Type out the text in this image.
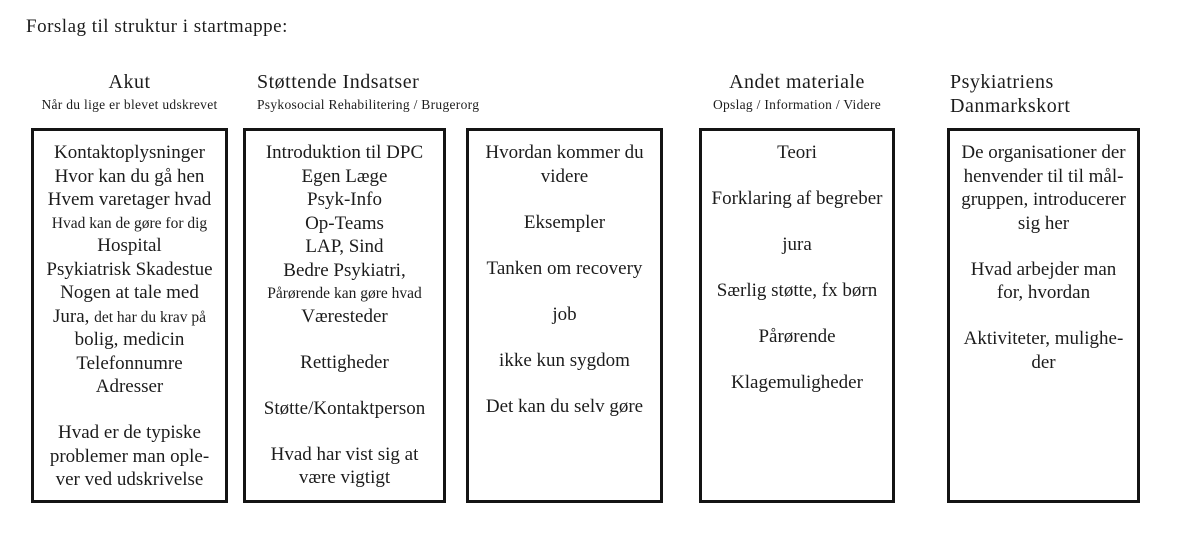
Forslag til struktur i startmappe:
Akut
Når du lige er blevet udskrevet
Støttende Indsatser
Psykosocial Rehabilitering / Brugerorg
Andet materiale
Opslag / Information / Videre
Psykiatriens
Danmarkskort
Kontaktoplysninger
Hvor kan du gå hen
Hvem varetager hvad
Hvad kan de gøre for dig
Hospital
Psykiatrisk Skadestue
Nogen at tale med
Jura, det har du krav på
bolig, medicin
Telefonnumre
Adresser
Hvad er de typiske
problemer man ople-
ver ved udskrivelse
Introduktion til DPC
Egen Læge
Psyk-Info
Op-Teams
LAP, Sind
Bedre Psykiatri,
Pårørende kan gøre hvad
Væresteder
Rettigheder
Støtte/Kontaktperson
Hvad har vist sig at
være vigtigt
Hvordan kommer du
videre
Eksempler
Tanken om recovery
job
ikke kun sygdom
Det kan du selv gøre
Teori
Forklaring af begreber
jura
Særlig støtte, fx børn
Pårørende
Klagemuligheder
De organisationer der
henvender til til mål-
gruppen, introducerer
sig her
Hvad arbejder man
for, hvordan
Aktiviteter, mulighe-
der
